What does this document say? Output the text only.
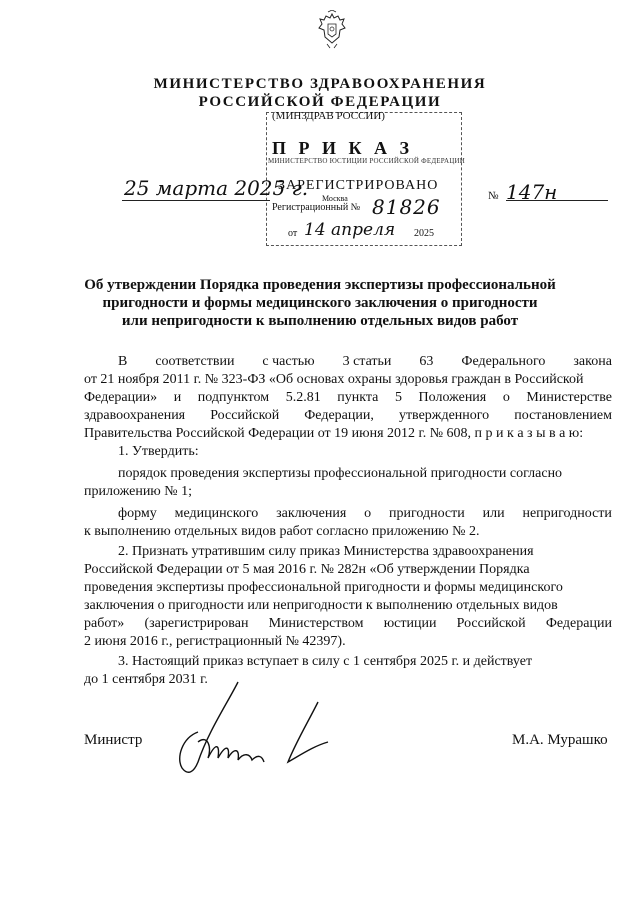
МИНИСТЕРСТВО ЗДРАВООХРАНЕНИЯ
РОССИЙСКОЙ ФЕДЕРАЦИИ
(МИНЗДРАВ РОССИИ)
П Р И К А З
МИНИСТЕРСТВО ЮСТИЦИИ РОССИЙСКОЙ ФЕДЕРАЦИИ
ЗАРЕГИСТРИРОВАНО
Москва
Регистрационный № 81826
от 14 апреля 2025
25 марта 2025 г.	№ 147н
Об утверждении Порядка проведения экспертизы профессиональной
пригодности и формы медицинского заключения о пригодности
или непригодности к выполнению отдельных видов работ
В соответствии с частью 3 статьи 63 Федерального закона
от 21 ноября 2011 г. № 323-ФЗ «Об основах охраны здоровья граждан в Российской
Федерации» и подпунктом 5.2.81 пункта 5 Положения о Министерстве
здравоохранения Российской Федерации, утвержденного постановлением
Правительства Российской Федерации от 19 июня 2012 г. № 608, п р и к а з ы в а ю:
1. Утвердить:
порядок проведения экспертизы профессиональной пригодности согласно
приложению № 1;
форму медицинского заключения о пригодности или непригодности
к выполнению отдельных видов работ согласно приложению № 2.
2. Признать утратившим силу приказ Министерства здравоохранения
Российской Федерации от 5 мая 2016 г. № 282н «Об утверждении Порядка
проведения экспертизы профессиональной пригодности и формы медицинского
заключения о пригодности или непригодности к выполнению отдельных видов
работ» (зарегистрирован Министерством юстиции Российской Федерации
2 июня 2016 г., регистрационный № 42397).
3. Настоящий приказ вступает в силу с 1 сентября 2025 г. и действует
до 1 сентября 2031 г.
Министр	М.А. Мурашко
